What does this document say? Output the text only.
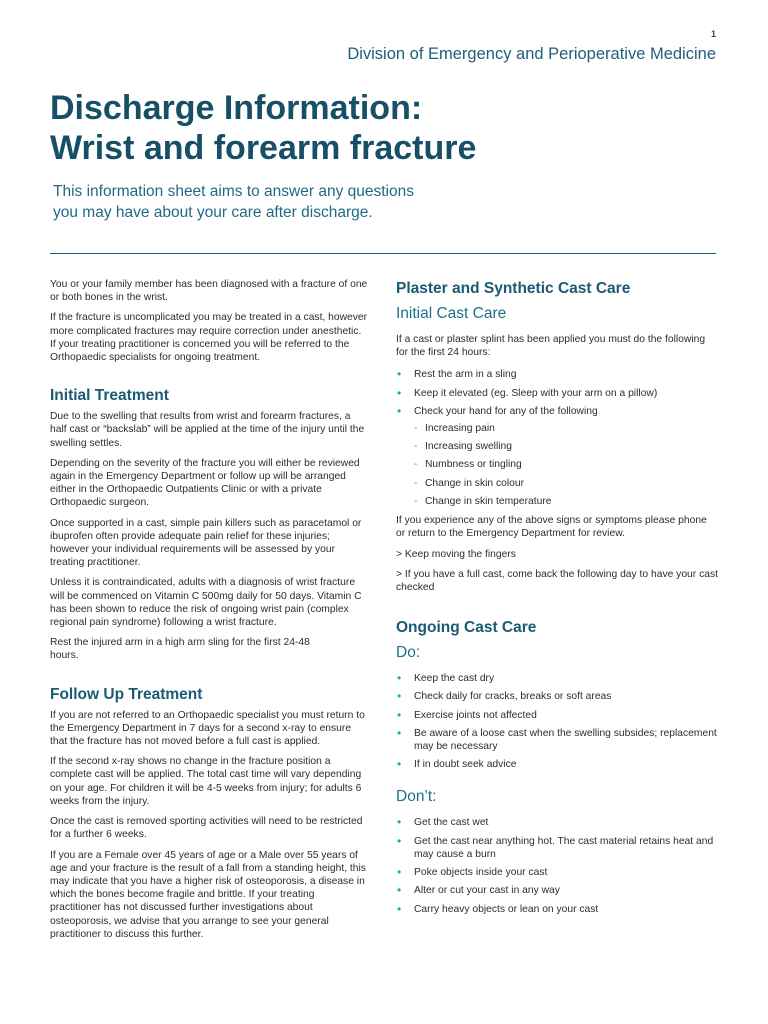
1
Division of Emergency and Perioperative Medicine
Discharge Information:
Wrist and forearm fracture

This information sheet aims to answer any questions
you may have about your care after discharge.

You or your family member has been diagnosed with a fracture of one or both bones in the wrist.

If the fracture is uncomplicated you may be treated in a cast, however more complicated fractures may require correction under anesthetic. If your treating practitioner is concerned you will be referred to the Orthopaedic specialists for ongoing treatment.

Initial Treatment

Due to the swelling that results from wrist and forearm fractures, a half cast or “backslab” will be applied at the time of the injury until the swelling settles.

Depending on the severity of the fracture you will either be reviewed again in the Emergency Department or follow up will be arranged either in the Orthopaedic Outpatients Clinic or with a private Orthopaedic surgeon.

Once supported in a cast, simple pain killers such as paracetamol or ibuprofen often provide adequate pain relief for these injuries; however your individual requirements will be assessed by your treating practitioner.

Unless it is contraindicated, adults with a diagnosis of wrist fracture will be commenced on Vitamin C 500mg daily for 50 days. Vitamin C has been shown to reduce the risk of ongoing wrist pain (complex regional pain syndrome) following a wrist fracture.

Rest the injured arm in a high arm sling for the first 24-48 hours.

Follow Up Treatment

If you are not referred to an Orthopaedic specialist you must return to the Emergency Department in 7 days for a second x-ray to ensure that the fracture has not moved before a full cast is applied.

If the second x-ray shows no change in the fracture position a complete cast will be applied. The total cast time will vary depending on your age. For children it will be 4-5 weeks from injury; for adults 6 weeks from the injury.

Once the cast is removed sporting activities will need to be restricted for a further 6 weeks.

If you are a Female over 45 years of age or a Male over 55 years of age and your fracture is the result of a fall from a standing height, this may indicate that you have a higher risk of osteoporosis, a disease in which the bones become fragile and brittle. If your treating practitioner has not discussed further investigations about osteoporosis, we advise that you arrange to see your general practitioner to discuss this further.

Plaster and Synthetic Cast Care
Initial Cast Care

If a cast or plaster splint has been applied you must do the following for the first 24 hours:

• Rest the arm in a sling
• Keep it elevated (eg. Sleep with your arm on a pillow)
• Check your hand for any of the following
- Increasing pain
- Increasing swelling
- Numbness or tingling
- Change in skin colour
- Change in skin temperature

If you experience any of the above signs or symptoms please phone or return to the Emergency Department for review.

> Keep moving the fingers

> If you have a full cast, come back the following day to have your cast checked

Ongoing Cast Care
Do:
• Keep the cast dry
• Check daily for cracks, breaks or soft areas
• Exercise joints not affected
• Be aware of a loose cast when the swelling subsides; replacement may be necessary
• If in doubt seek advice
Don’t:
• Get the cast wet
• Get the cast near anything hot. The cast material retains heat and may cause a burn
• Poke objects inside your cast
• Alter or cut your cast in any way
• Carry heavy objects or lean on your cast
